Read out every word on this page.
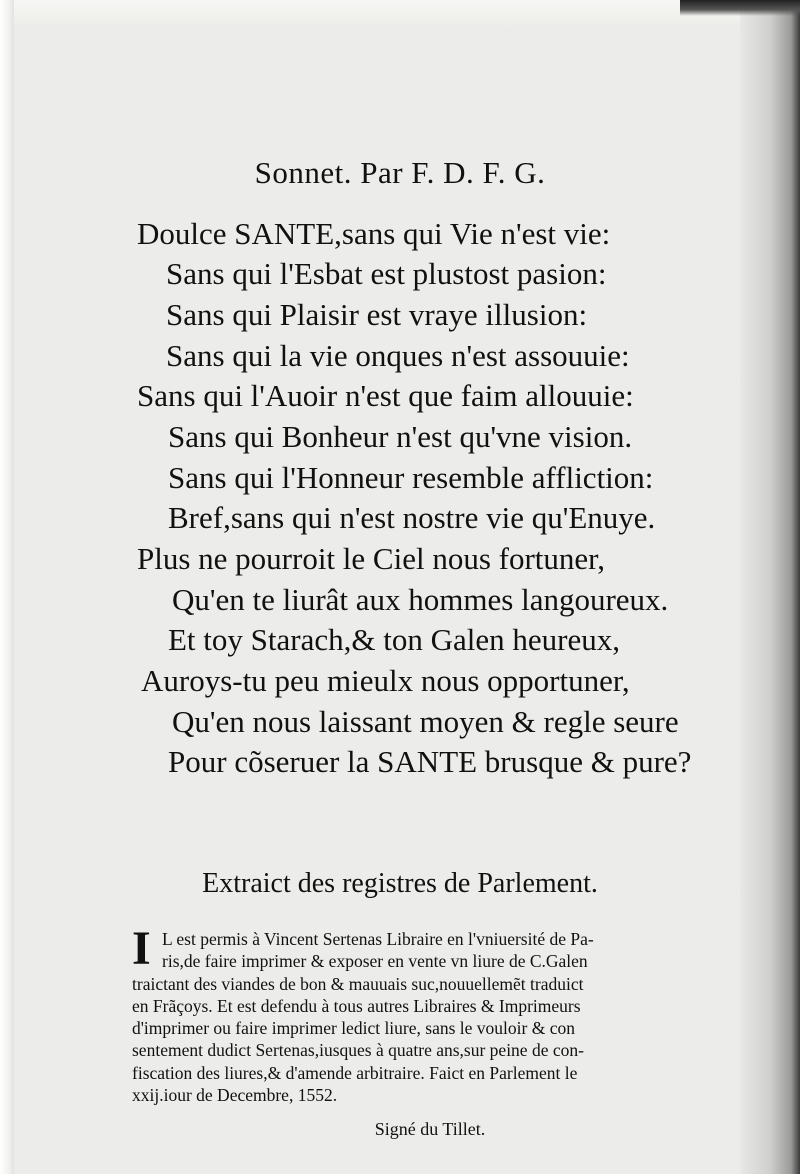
Sonnet. Par F. D. F. G.
Doulce SANTE,sans qui Vie n'est vie:
Sans qui l'Esbat est plustost pasion:
Sans qui Plaisir est vraye illusion:
Sans qui la vie onques n'est assouuie:
Sans qui l'Auoir n'est que faim allouuie:
Sans qui Bonheur n'est qu'vne vision.
Sans qui l'Honneur resemble affliction:
Bref,sans qui n'est nostre vie qu'Enuye.
Plus ne pourroit le Ciel nous fortuner,
Qu'en te liurât aux hommes langoureux.
Et toy Starach,& ton Galen heureux,
Auroys-tu peu mieulx nous opportuner,
Qu'en nous laissant moyen & regle seure
Pour cõseruer la SANTE brusque & pure?
Extraict des registres de Parlement.
I L est permis à Vincent Sertenas Libraire en l'vniuersité de Pa-
ris,de faire imprimer & exposer en vente vn liure de C.Galen
traictant des viandes de bon & mauuais suc,nouuellemẽt traduict
en Frãçoys. Et est defendu à tous autres Libraires & Imprimeurs
d'imprimer ou faire imprimer ledict liure, sans le vouloir & con
sentement dudict Sertenas,iusques à quatre ans,sur peine de con-
fiscation des liures,& d'amende arbitraire. Faict en Parlement le
xxij.iour de Decembre, 1552.
Signé du Tillet.
